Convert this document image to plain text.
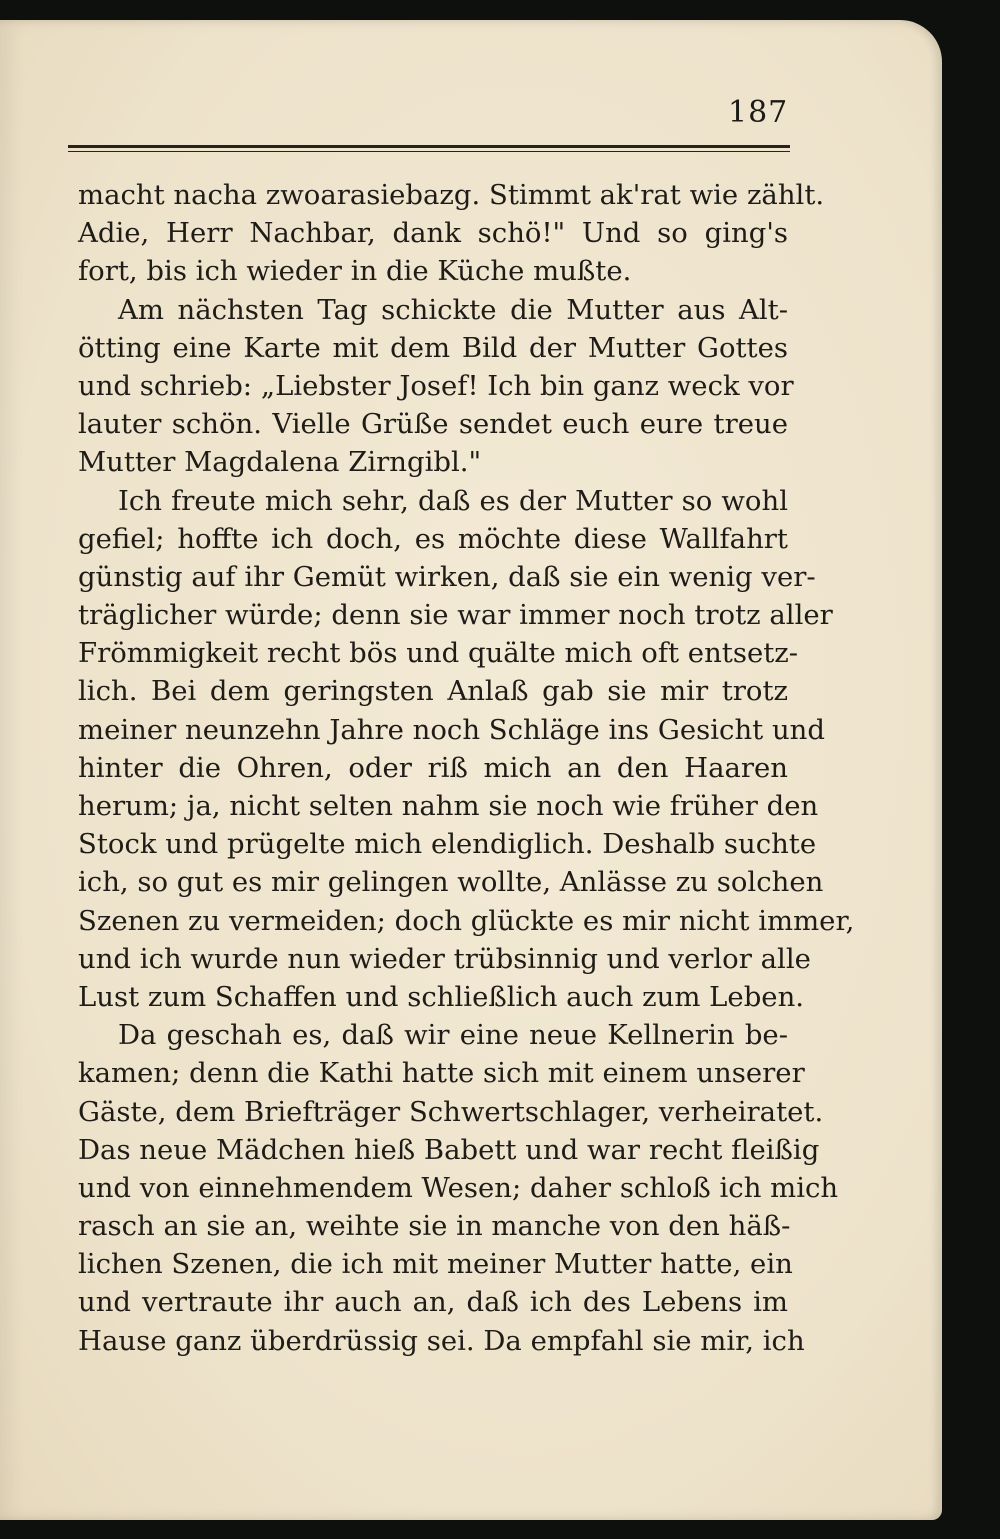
187
macht nacha zwoarasiebazg. Stimmt ak'rat wie zählt.
Adie, Herr Nachbar, dank schö!" Und so ging's
fort, bis ich wieder in die Küche mußte.
Am nächsten Tag schickte die Mutter aus Alt-
ötting eine Karte mit dem Bild der Mutter Gottes
und schrieb: „Liebster Josef! Ich bin ganz weck vor
lauter schön. Vielle Grüße sendet euch eure treue
Mutter Magdalena Zirngibl."
Ich freute mich sehr, daß es der Mutter so wohl
gefiel; hoffte ich doch, es möchte diese Wallfahrt
günstig auf ihr Gemüt wirken, daß sie ein wenig ver-
träglicher würde; denn sie war immer noch trotz aller
Frömmigkeit recht bös und quälte mich oft entsetz-
lich. Bei dem geringsten Anlaß gab sie mir trotz
meiner neunzehn Jahre noch Schläge ins Gesicht und
hinter die Ohren, oder riß mich an den Haaren
herum; ja, nicht selten nahm sie noch wie früher den
Stock und prügelte mich elendiglich. Deshalb suchte
ich, so gut es mir gelingen wollte, Anlässe zu solchen
Szenen zu vermeiden; doch glückte es mir nicht immer,
und ich wurde nun wieder trübsinnig und verlor alle
Lust zum Schaffen und schließlich auch zum Leben.
Da geschah es, daß wir eine neue Kellnerin be-
kamen; denn die Kathi hatte sich mit einem unserer
Gäste, dem Briefträger Schwertschlager, verheiratet.
Das neue Mädchen hieß Babett und war recht fleißig
und von einnehmendem Wesen; daher schloß ich mich
rasch an sie an, weihte sie in manche von den häß-
lichen Szenen, die ich mit meiner Mutter hatte, ein
und vertraute ihr auch an, daß ich des Lebens im
Hause ganz überdrüssig sei. Da empfahl sie mir, ich
